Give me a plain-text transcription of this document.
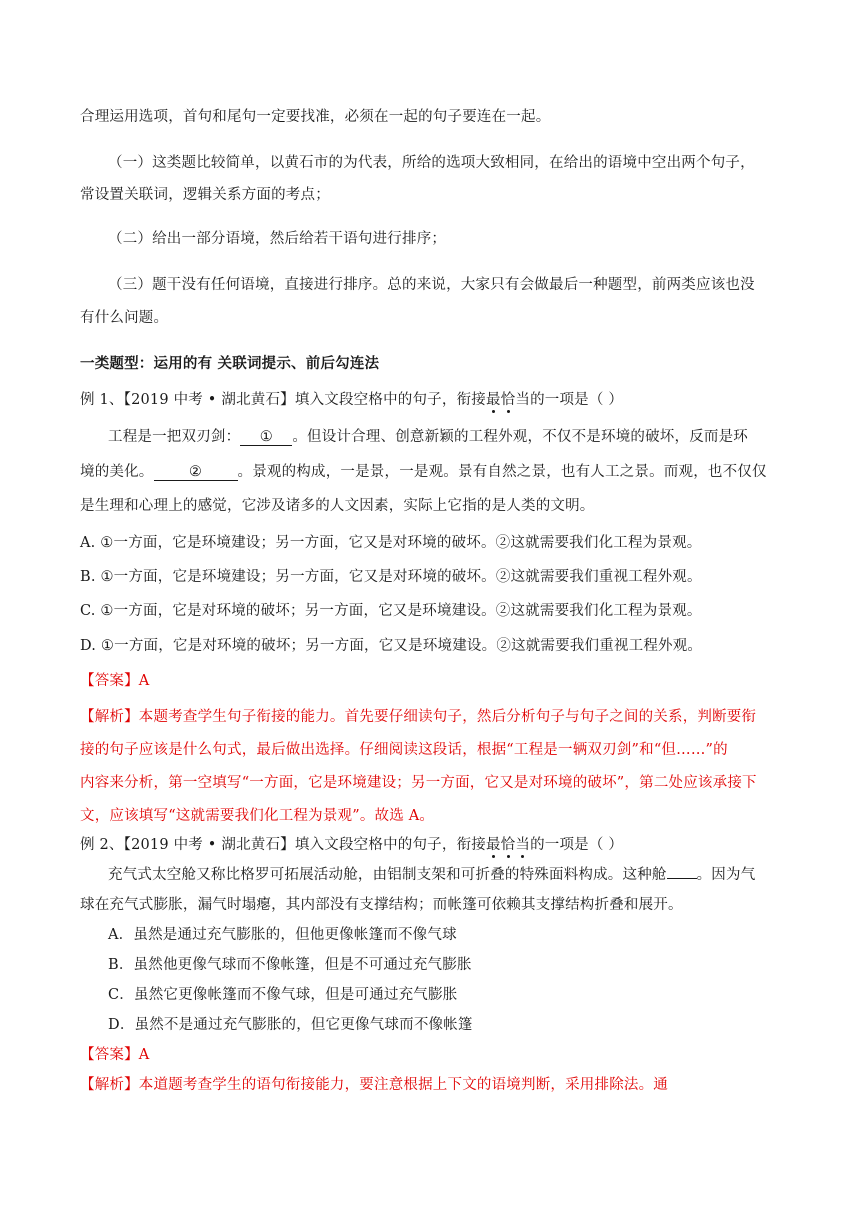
合理运用选项，首句和尾句一定要找准，必须在一起的句子要连在一起。
（一）这类题比较简单，以黄石市的为代表，所给的选项大致相同，在给出的语境中空出两个句子，
常设置关联词，逻辑关系方面的考点；
（二）给出一部分语境，然后给若干语句进行排序；
（三）题干没有任何语境，直接进行排序。总的来说，大家只有会做最后一种题型，前两类应该也没
有什么问题。
一类题型：运用的有 关联词提示、前后勾连法
例 1、【2019 中考 • 湖北黄石】填入文段空格中的句子，衔接最恰当的一项是（ ）
工程是一把双刃剑： ① 。但设计合理、创意新颖的工程外观，不仅不是环境的破坏，反而是环
境的美化。 ② 。景观的构成，一是景，一是观。景有自然之景，也有人工之景。而观，也不仅仅
是生理和心理上的感觉，它涉及诸多的人文因素，实际上它指的是人类的文明。
A. ①一方面，它是环境建设；另一方面，它又是对环境的破坏。②这就需要我们化工程为景观。
B. ①一方面，它是环境建设；另一方面，它又是对环境的破坏。②这就需要我们重视工程外观。
C. ①一方面，它是对环境的破坏；另一方面，它又是环境建设。②这就需要我们化工程为景观。
D. ①一方面，它是对环境的破坏；另一方面，它又是环境建设。②这就需要我们重视工程外观。
【答案】A
【解析】本题考查学生句子衔接的能力。首先要仔细读句子，然后分析句子与句子之间的关系，判断要衔
接的句子应该是什么句式，最后做出选择。仔细阅读这段话，根据“工程是一辆双刃剑”和“但……”的
内容来分析，第一空填写“一方面，它是环境建设；另一方面，它又是对环境的破坏”，第二处应该承接下
文，应该填写“这就需要我们化工程为景观”。故选 A。
例 2、【2019 中考 • 湖北黄石】填入文段空格中的句子，衔接最恰当的一项是（ ）
充气式太空舱又称比格罗可拓展活动舱，由铝制支架和可折叠的特殊面料构成。这种舱 。因为气
球在充气式膨胀，漏气时塌瘪，其内部没有支撑结构；而帐篷可依赖其支撑结构折叠和展开。
A．虽然是通过充气膨胀的，但他更像帐篷而不像气球
B．虽然他更像气球而不像帐篷，但是不可通过充气膨胀
C．虽然它更像帐篷而不像气球，但是可通过充气膨胀
D．虽然不是通过充气膨胀的，但它更像气球而不像帐篷
【答案】A
【解析】本道题考查学生的语句衔接能力，要注意根据上下文的语境判断，采用排除法。通
